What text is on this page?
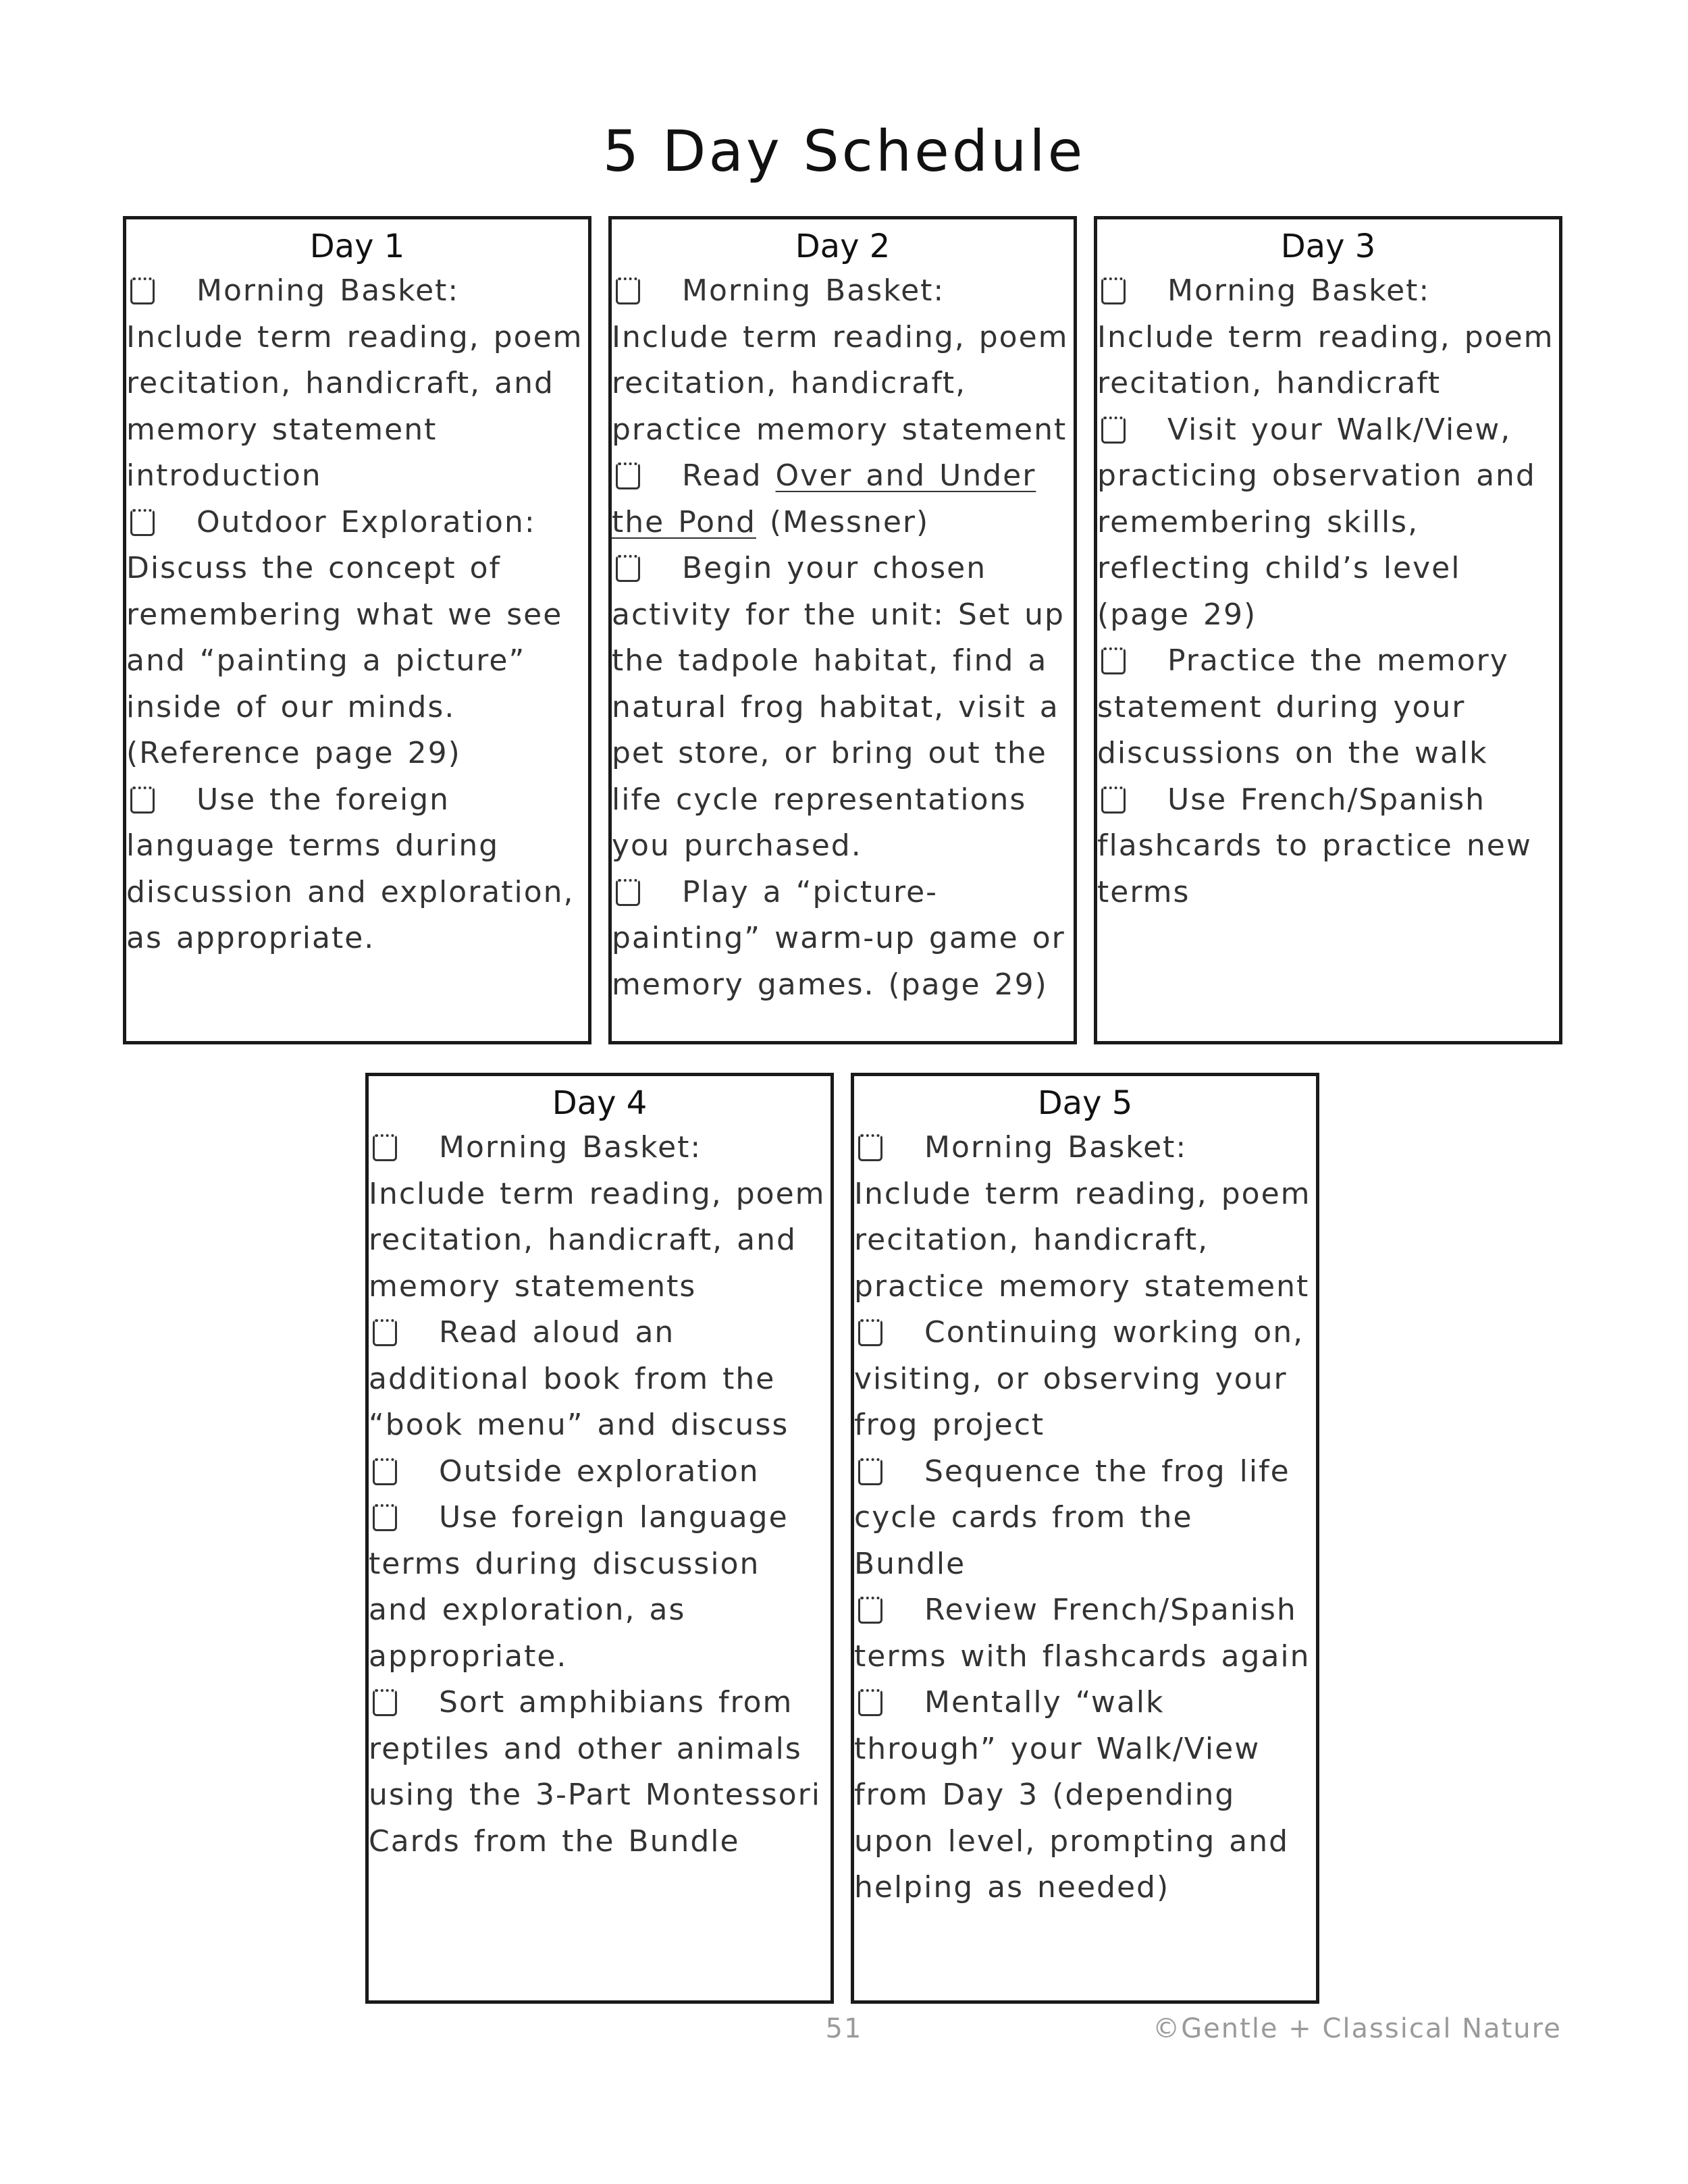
5 Day Schedule
Day 1
Morning Basket: Include term reading, poem recitation, handicraft, and memory statement introduction
Outdoor Exploration: Discuss the concept of remembering what we see and “painting a picture” inside of our minds. (Reference page 29)
Use the foreign language terms during discussion and exploration, as appropriate.
Day 2
Morning Basket: Include term reading, poem recitation, handicraft, practice memory statement
Read Over and Under the Pond (Messner)
Begin your chosen activity for the unit: Set up the tadpole habitat, find a natural frog habitat, visit a pet store, or bring out the life cycle representations you purchased.
Play a “picture-painting” warm-up game or memory games. (page 29)
Day 3
Morning Basket: Include term reading, poem recitation, handicraft
Visit your Walk/View, practicing observation and remembering skills, reflecting child’s level (page 29)
Practice the memory statement during your discussions on the walk
Use French/Spanish flashcards to practice new terms
Day 4
Morning Basket: Include term reading, poem recitation, handicraft, and memory statements
Read aloud an additional book from the “book menu” and discuss
Outside exploration
Use foreign language terms during discussion and exploration, as appropriate.
Sort amphibians from reptiles and other animals using the 3-Part Montessori Cards from the Bundle
Day 5
Morning Basket: Include term reading, poem recitation, handicraft, practice memory statement
Continuing working on, visiting, or observing your frog project
Sequence the frog life cycle cards from the Bundle
Review French/Spanish terms with flashcards again
Mentally “walk through” your Walk/View from Day 3 (depending upon level, prompting and helping as needed)
51	©Gentle + Classical Nature
